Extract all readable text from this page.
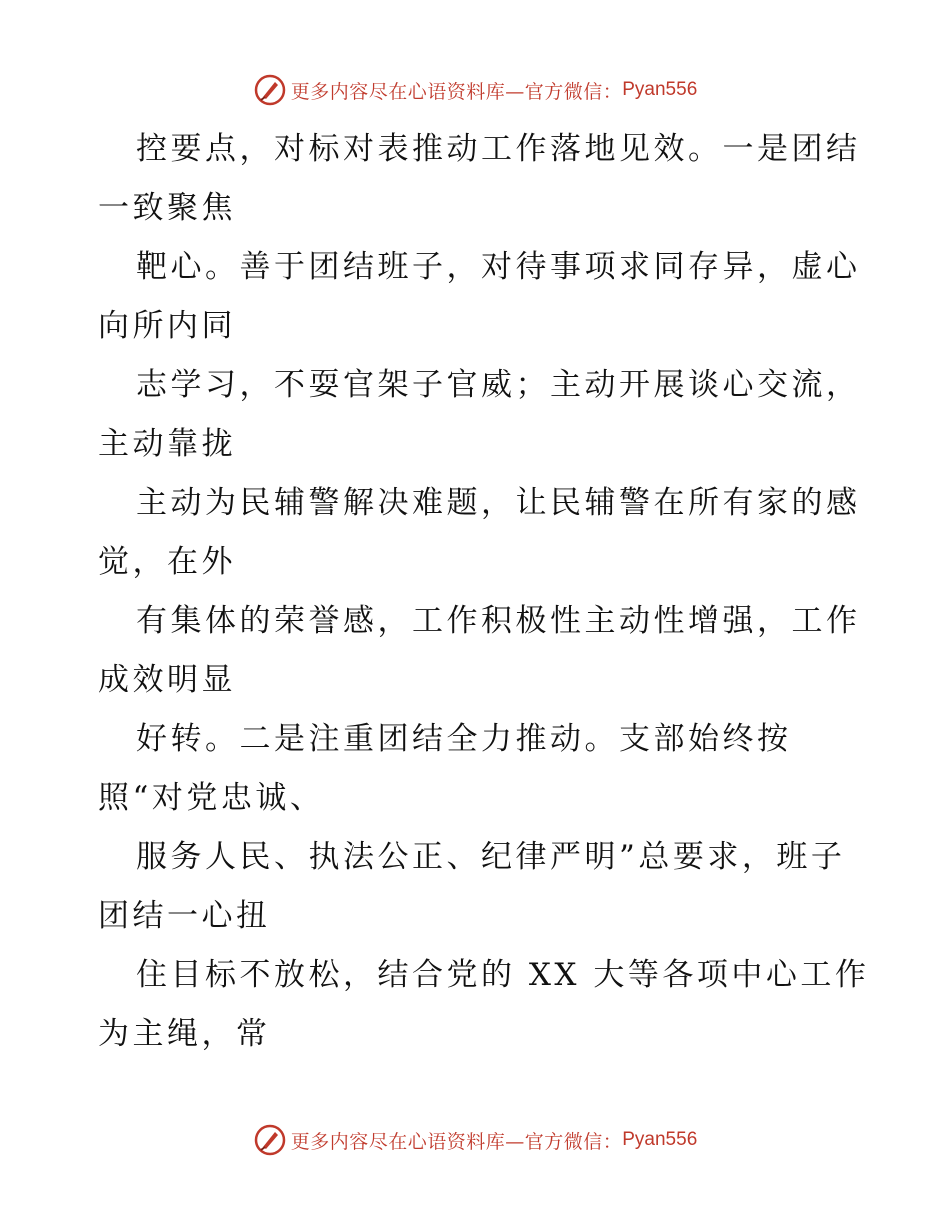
更多内容尽在心语资料库—官方微信： Pyan556
控要点，对标对表推动工作落地见效。一是团结
一致聚焦
靶心。善于团结班子，对待事项求同存异，虚心
向所内同
志学习，不耍官架子官威；主动开展谈心交流，
主动靠拢
主动为民辅警解决难题，让民辅警在所有家的感
觉，在外
有集体的荣誉感，工作积极性主动性增强，工作
成效明显
好转。二是注重团结全力推动。支部始终按
照“对党忠诚、
服务人民、执法公正、纪律严明”总要求，班子
团结一心扭
住目标不放松，结合党的 XX 大等各项中心工作
为主绳，常
更多内容尽在心语资料库—官方微信： Pyan556
